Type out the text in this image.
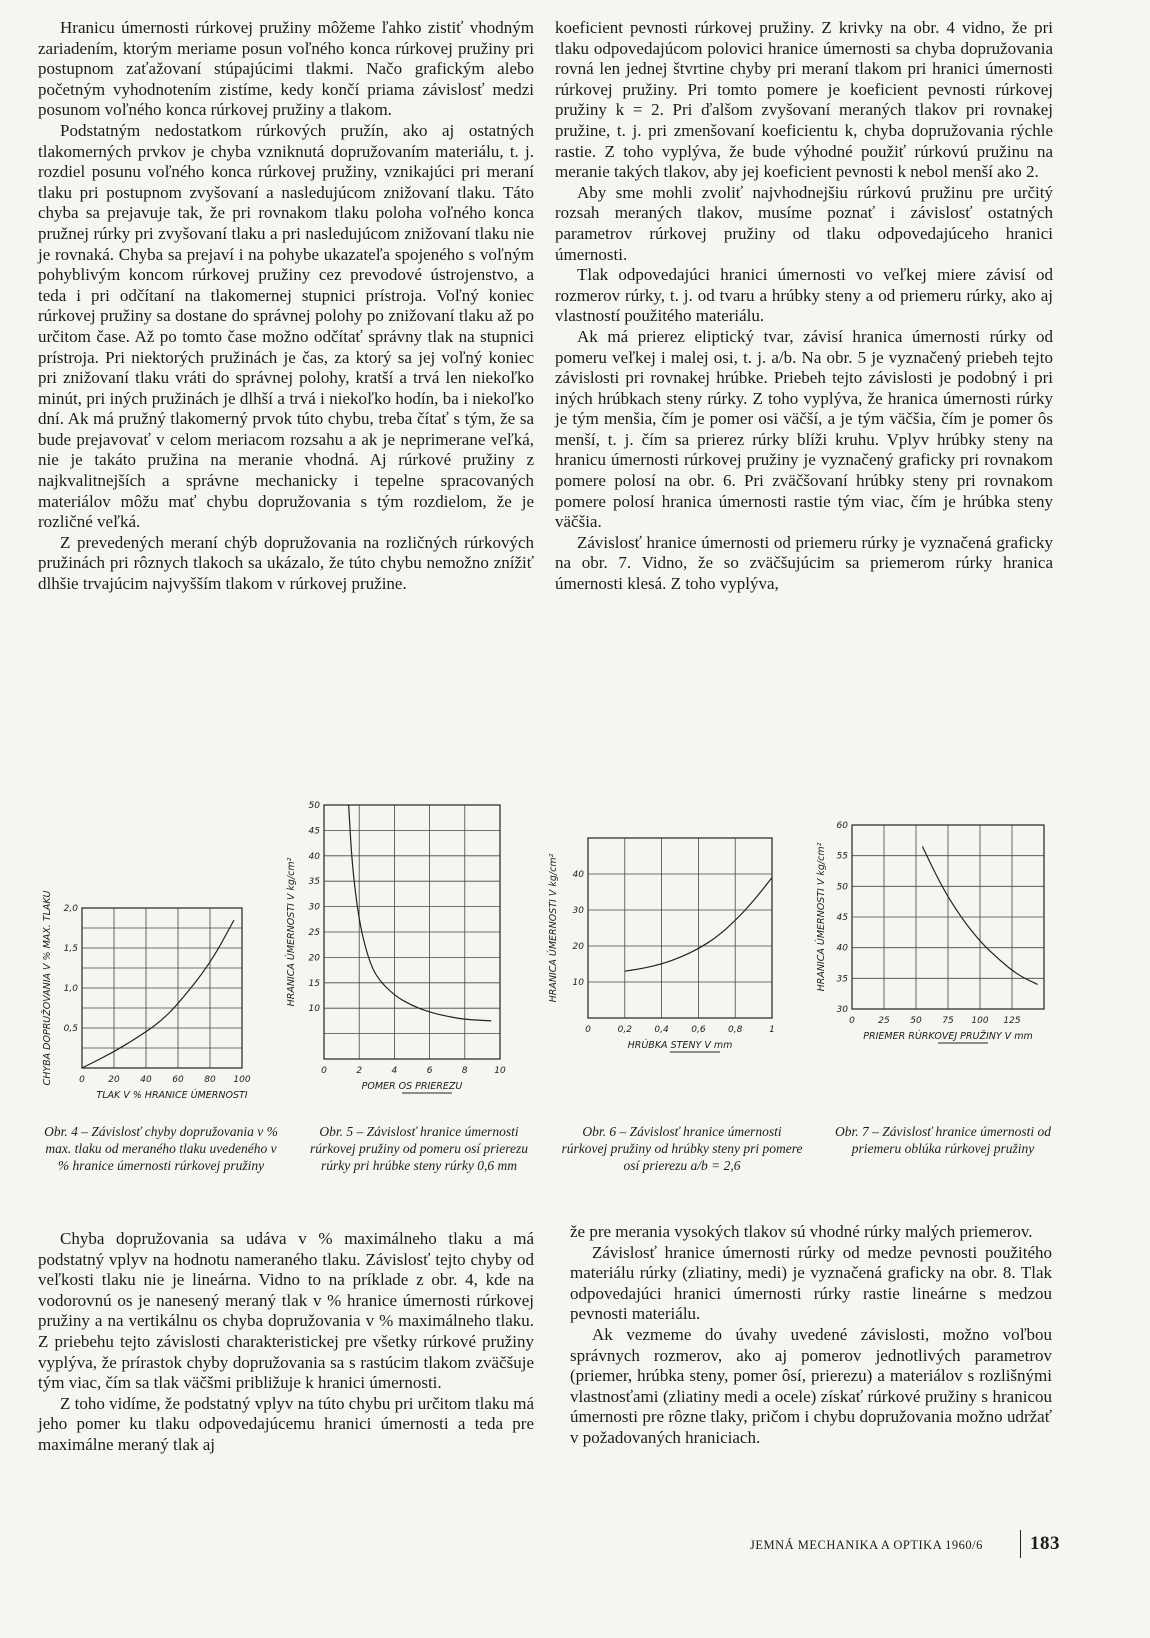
Hranicu úmernosti rúrkovej pružiny môžeme ľahko zistiť vhodným zariadením, ktorým meriame posun voľného konca rúrkovej pružiny pri postupnom zaťažovaní stúpajúcimi tlakmi. Načo grafickým alebo početným vyhodnotením zistíme, kedy končí priama závislosť medzi posunom voľného konca rúrkovej pružiny a tlakom.

Podstatným nedostatkom rúrkových pružín, ako aj ostatných tlakomerných prvkov je chyba vzniknutá dopružovaním materiálu, t. j. rozdiel posunu voľného konca rúrkovej pružiny, vznikajúci pri meraní tlaku pri postupnom zvyšovaní a nasledujúcom znižovaní tlaku. Táto chyba sa prejavuje tak, že pri rovnakom tlaku poloha voľného konca pružnej rúrky pri zvyšovaní tlaku a pri nasledujúcom znižovaní tlaku nie je rovnaká. Chyba sa prejaví i na pohybe ukazateľa spojeného s voľným pohyblivým koncom rúrkovej pružiny cez prevodové ústrojenstvo, a teda i pri odčítaní na tlakomernej stupnici prístroja. Voľný koniec rúrkovej pružiny sa dostane do správnej polohy po znižovaní tlaku až po určitom čase. Až po tomto čase možno odčítať správny tlak na stupnici prístroja. Pri niektorých pružinách je čas, za ktorý sa jej voľný koniec pri znižovaní tlaku vráti do správnej polohy, kratší a trvá len niekoľko minút, pri iných pružinách je dlhší a trvá i niekoľko hodín, ba i niekoľko dní. Ak má pružný tlakomerný prvok túto chybu, treba čítať s tým, že sa bude prejavovať v celom meriacom rozsahu a ak je neprimerane veľká, nie je takáto pružina na meranie vhodná. Aj rúrkové pružiny z najkvalitnejších a správne mechanicky i tepelne spracovaných materiálov môžu mať chybu dopružovania s tým rozdielom, že je rozličné veľká.

Z prevedených meraní chýb dopružovania na rozličných rúrkových pružinách pri rôznych tlakoch sa ukázalo, že túto chybu nemožno znížiť dlhšie trvajúcim najvyšším tlakom v rúrkovej pružine.

koeficient pevnosti rúrkovej pružiny. Z krivky na obr. 4 vidno, že pri tlaku odpovedajúcom polovici hranice úmernosti sa chyba dopružovania rovná len jednej štvrtine chyby pri meraní tlakom pri hranici úmernosti rúrkovej pružiny. Pri tomto pomere je koeficient pevnosti rúrkovej pružiny k = 2. Pri ďalšom zvyšovaní meraných tlakov pri rovnakej pružine, t. j. pri zmenšovaní koeficientu k, chyba dopružovania rýchle rastie. Z toho vyplýva, že bude výhodné použiť rúrkovú pružinu na meranie takých tlakov, aby jej koeficient pevnosti k nebol menší ako 2.

Aby sme mohli zvoliť najvhodnejšiu rúrkovú pružinu pre určitý rozsah meraných tlakov, musíme poznať i závislosť ostatných parametrov rúrkovej pružiny od tlaku odpovedajúceho hranici úmernosti.

Tlak odpovedajúci hranici úmernosti vo veľkej miere závisí od rozmerov rúrky, t. j. od tvaru a hrúbky steny a od priemeru rúrky, ako aj vlastností použitého materiálu.

Ak má prierez eliptický tvar, závisí hranica úmernosti rúrky od pomeru veľkej i malej osi, t. j. a/b. Na obr. 5 je vyznačený priebeh tejto závislosti pri rovnakej hrúbke. Priebeh tejto závislosti je podobný i pri iných hrúbkach steny rúrky. Z toho vyplýva, že hranica úmernosti rúrky je tým menšia, čím je pomer osi väčší, a je tým väčšia, čím je pomer ôs menší, t. j. čím sa prierez rúrky blíži kruhu. Vplyv hrúbky steny na hranicu úmernosti rúrkovej pružiny je vyznačený graficky pri rovnakom pomere polosí na obr. 6. Pri zväčšovaní hrúbky steny pri rovnakom pomere polosí hranica úmernosti rastie tým viac, čím je hrúbka steny väčšia.

Závislosť hranice úmernosti od priemeru rúrky je vyznačená graficky na obr. 7. Vidno, že so zväčšujúcim sa priemerom rúrky hranica úmernosti klesá. Z toho vyplýva,

0	20 40 60 80 100
0,5
1,0
1,5
2,0
TLAK V % HRANICE ÚMERNOSTI
CHYBA DOPRUŽOVANIA V % MAX. TLAKU	0	2	4	6	8	10
10
15
20
25
30
35
40
45
50
POMER OS PRIEREZU
HRANICA ÚMERNOSTI V kg/cm²
0	0,2 0,4 0,6 0,8	1
10
20
30
40
HRÚBKA STENY V mm
HRANICA ÚMERNOSTI V kg/cm²
0	25 50 75 100 125
30
35
40
45
50
55
60
PRIEMER RÚRKOVEJ PRUŽINY V mm
HRANICA ÚMERNOSTI V kg/cm²
Obr. 4 – Závislosť chyby dopružovania v % max. tlaku od meraného tlaku uvedeného v % hranice úmernosti rúrkovej pružiny
Obr. 5 – Závislosť hranice úmernosti rúrkovej pružiny od pomeru osí prierezu rúrky pri hrúbke steny rúrky 0,6 mm
Obr. 6 – Závislosť hranice úmernosti rúrkovej pružiny od hrúbky steny pri pomere osí prierezu a/b = 2,6
Obr. 7 – Závislosť hranice úmernosti od priemeru oblúka rúrkovej pružiny

Chyba dopružovania sa udáva v % maximálneho tlaku a má podstatný vplyv na hodnotu nameraného tlaku. Závislosť tejto chyby od veľkosti tlaku nie je lineárna. Vidno to na príklade z obr. 4, kde na vodorovnú os je nanesený meraný tlak v % hranice úmernosti rúrkovej pružiny a na vertikálnu os chyba dopružovania v % maximálneho tlaku. Z priebehu tejto závislosti charakteristickej pre všetky rúrkové pružiny vyplýva, že prírastok chyby dopružovania sa s rastúcim tlakom zväčšuje tým viac, čím sa tlak väčšmi približuje k hranici úmernosti.

Z toho vidíme, že podstatný vplyv na túto chybu pri určitom tlaku má jeho pomer ku tlaku odpovedajúcemu hranici úmernosti a teda pre maximálne meraný tlak aj

že pre merania vysokých tlakov sú vhodné rúrky malých priemerov.

Závislosť hranice úmernosti rúrky od medze pevnosti použitého materiálu rúrky (zliatiny, medi) je vyznačená graficky na obr. 8. Tlak odpovedajúci hranici úmernosti rúrky rastie lineárne s medzou pevnosti materiálu.

Ak vezmeme do úvahy uvedené závislosti, možno voľbou správnych rozmerov, ako aj pomerov jednotlivých parametrov (priemer, hrúbka steny, pomer ôsí, prierezu) a materiálov s rozlišnými vlastnosťami (zliatiny medi a ocele) získať rúrkové pružiny s hranicou úmernosti pre rôzne tlaky, pričom i chybu dopružovania možno udržať v požadovaných hraniciach.

JEMNÁ MECHANIKA A OPTIKA 1960/6 183
